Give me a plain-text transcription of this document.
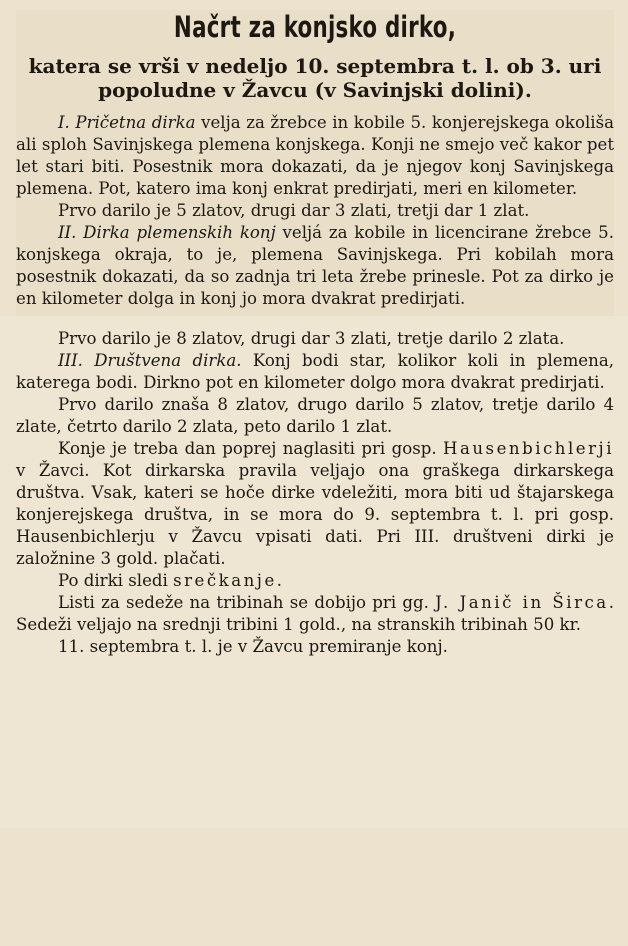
Načrt za konjsko dirko,
katera se vrši v nedeljo 10. septembra t. l. ob 3. uri popoludne v Žavcu (v Savinjski dolini).

I. Pričetna dirka velja za žrebce in kobile 5. konjerejskega okoliša ali sploh Savinjskega plemena konjskega. Konji ne smejo več kakor pet let stari biti. Posestnik mora dokazati, da je njegov konj Savinjskega plemena. Pot, katero ima konj enkrat predirjati, meri en kilometer.

Prvo darilo je 5 zlatov, drugi dar 3 zlati, tretji dar 1 zlat.

II. Dirka plemenskih konj veljá za kobile in licencirane žrebce 5. konjskega okraja, to je, plemena Savinjskega. Pri kobilah mora posestnik dokazati, da so zadnja tri leta žrebe prinesle. Pot za dirko je en kilometer dolga in konj jo mora dvakrat predirjati.

Prvo darilo je 8 zlatov, drugi dar 3 zlati, tretje darilo 2 zlata.

III. Društvena dirka. Konj bodi star, kolikor koli in plemena, katerega bodi. Dirkno pot en kilometer dolgo mora dvakrat predirjati.

Prvo darilo znaša 8 zlatov, drugo darilo 5 zlatov, tretje darilo 4 zlate, četrto darilo 2 zlata, peto darilo 1 zlat.

Konje je treba dan poprej naglasiti pri gosp. Hausenbichlerji v Žavci. Kot dirkarska pravila veljajo ona graškega dirkarskega društva. Vsak, kateri se hoče dirke vdeležiti, mora biti ud štajarskega konjerejskega društva, in se mora do 9. septembra t. l. pri gosp. Hausenbichlerju v Žavcu vpisati dati. Pri III. društveni dirki je založnine 3 gold. plačati.

Po dirki sledi srečkanje.

Listi za sedeže na tribinah se dobijo pri gg. J. Janič in Širca. Sedeži veljajo na srednji tribini 1 gold., na stranskih tribinah 50 kr.

11. septembra t. l. je v Žavcu premiranje konj.
